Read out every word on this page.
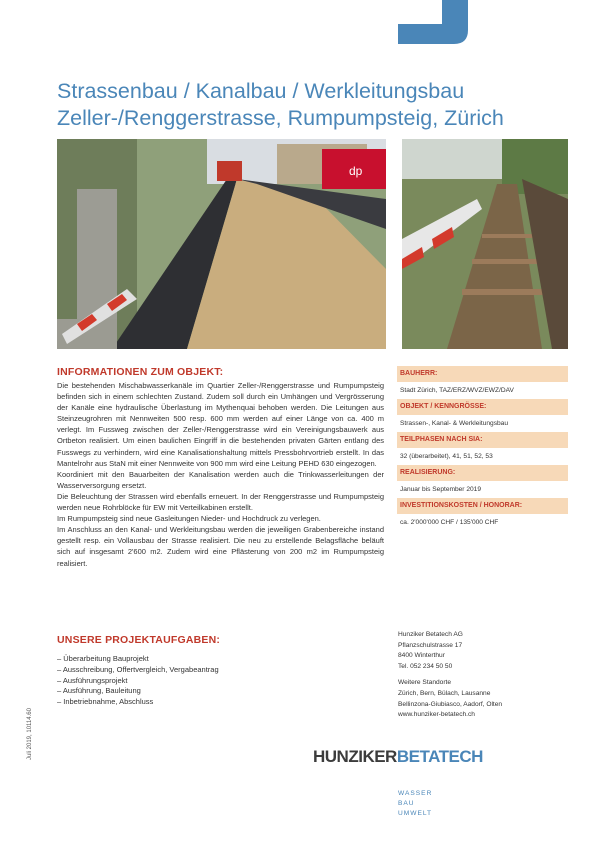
Strassenbau / Kanalbau / Werkleitungsbau
Zeller-/Renggerstrasse, Rumpumpsteig, Zürich
dp
INFORMATIONEN ZUM OBJEKT:

Die bestehenden Mischabwasserkanäle im Quartier Zeller-/Renggerstrasse und Rumpumpsteig befinden sich in einem schlechten Zustand. Zudem soll durch ein Umhängen und Vergrösserung der Kanäle eine hydraulische Überlastung im Mythenquai behoben werden. Die Leitungen aus Steinzeugrohren mit Nennweiten 500 resp. 600 mm werden auf einer Länge von ca. 400 m verlegt. Im Fussweg zwischen der Zeller-/Renggerstrasse wird ein Vereinigungsbauwerk aus Ortbeton realisiert. Um einen baulichen Eingriff in die bestehenden privaten Gärten entlang des Fusswegs zu verhindern, wird eine Kanalisationshaltung mittels Pressbohrvortrieb erstellt. In das Mantelrohr aus StaN mit einer Nennweite von 900 mm wird eine Leitung PEHD 630 eingezogen.

Koordiniert mit den Bauarbeiten der Kanalisation werden auch die Trinkwasserleitungen der Wasserversorgung ersetzt.

Die Beleuchtung der Strassen wird ebenfalls erneuert. In der Renggerstrasse und Rumpumpsteig werden neue Rohrblöcke für EW mit Verteilkabinen erstellt.

Im Rumpumpsteig sind neue Gasleitungen Nieder- und Hochdruck zu verlegen.

Im Anschluss an den Kanal- und Werkleitungsbau werden die jeweiligen Grabenbereiche instand gestellt resp. ein Vollausbau der Strasse realisiert. Die neu zu erstellende Belagsfläche beläuft sich auf insgesamt 2'600 m2. Zudem wird eine Pflästerung von 200 m2 im Rumpumpsteig realisiert.

UNSERE PROJEKTAUFGABEN:
– Überarbeitung Bauprojekt
– Ausschreibung, Offertvergleich, Vergabeantrag
– Ausführungsprojekt
– Ausführung, Bauleitung
– Inbetriebnahme, Abschluss
BAUHERR:
Stadt Zürich, TAZ/ERZ/WVZ/EWZ/DAV
OBJEKT / KENNGRÖSSE:
Strassen-, Kanal- & Werkleitungsbau
TEILPHASEN NACH SIA:
32 (überarbeitet), 41, 51, 52, 53
REALISIERUNG:
Januar bis September 2019
INVESTITIONSKOSTEN / HONORAR:
ca. 2'000'000 CHF / 135'000 CHF
Hunziker Betatech AG
Pflanzschulstrasse 17
8400 Winterthur
Tel. 052 234 50 50
Weitere Standorte
Zürich, Bern, Bülach, Lausanne
Bellinzona-Giubiasco, Aadorf, Olten
www.hunziker-betatech.ch
HUNZIKERBETATECH
WASSER
BAU
UMWELT
Juli 2019, 10114.60
